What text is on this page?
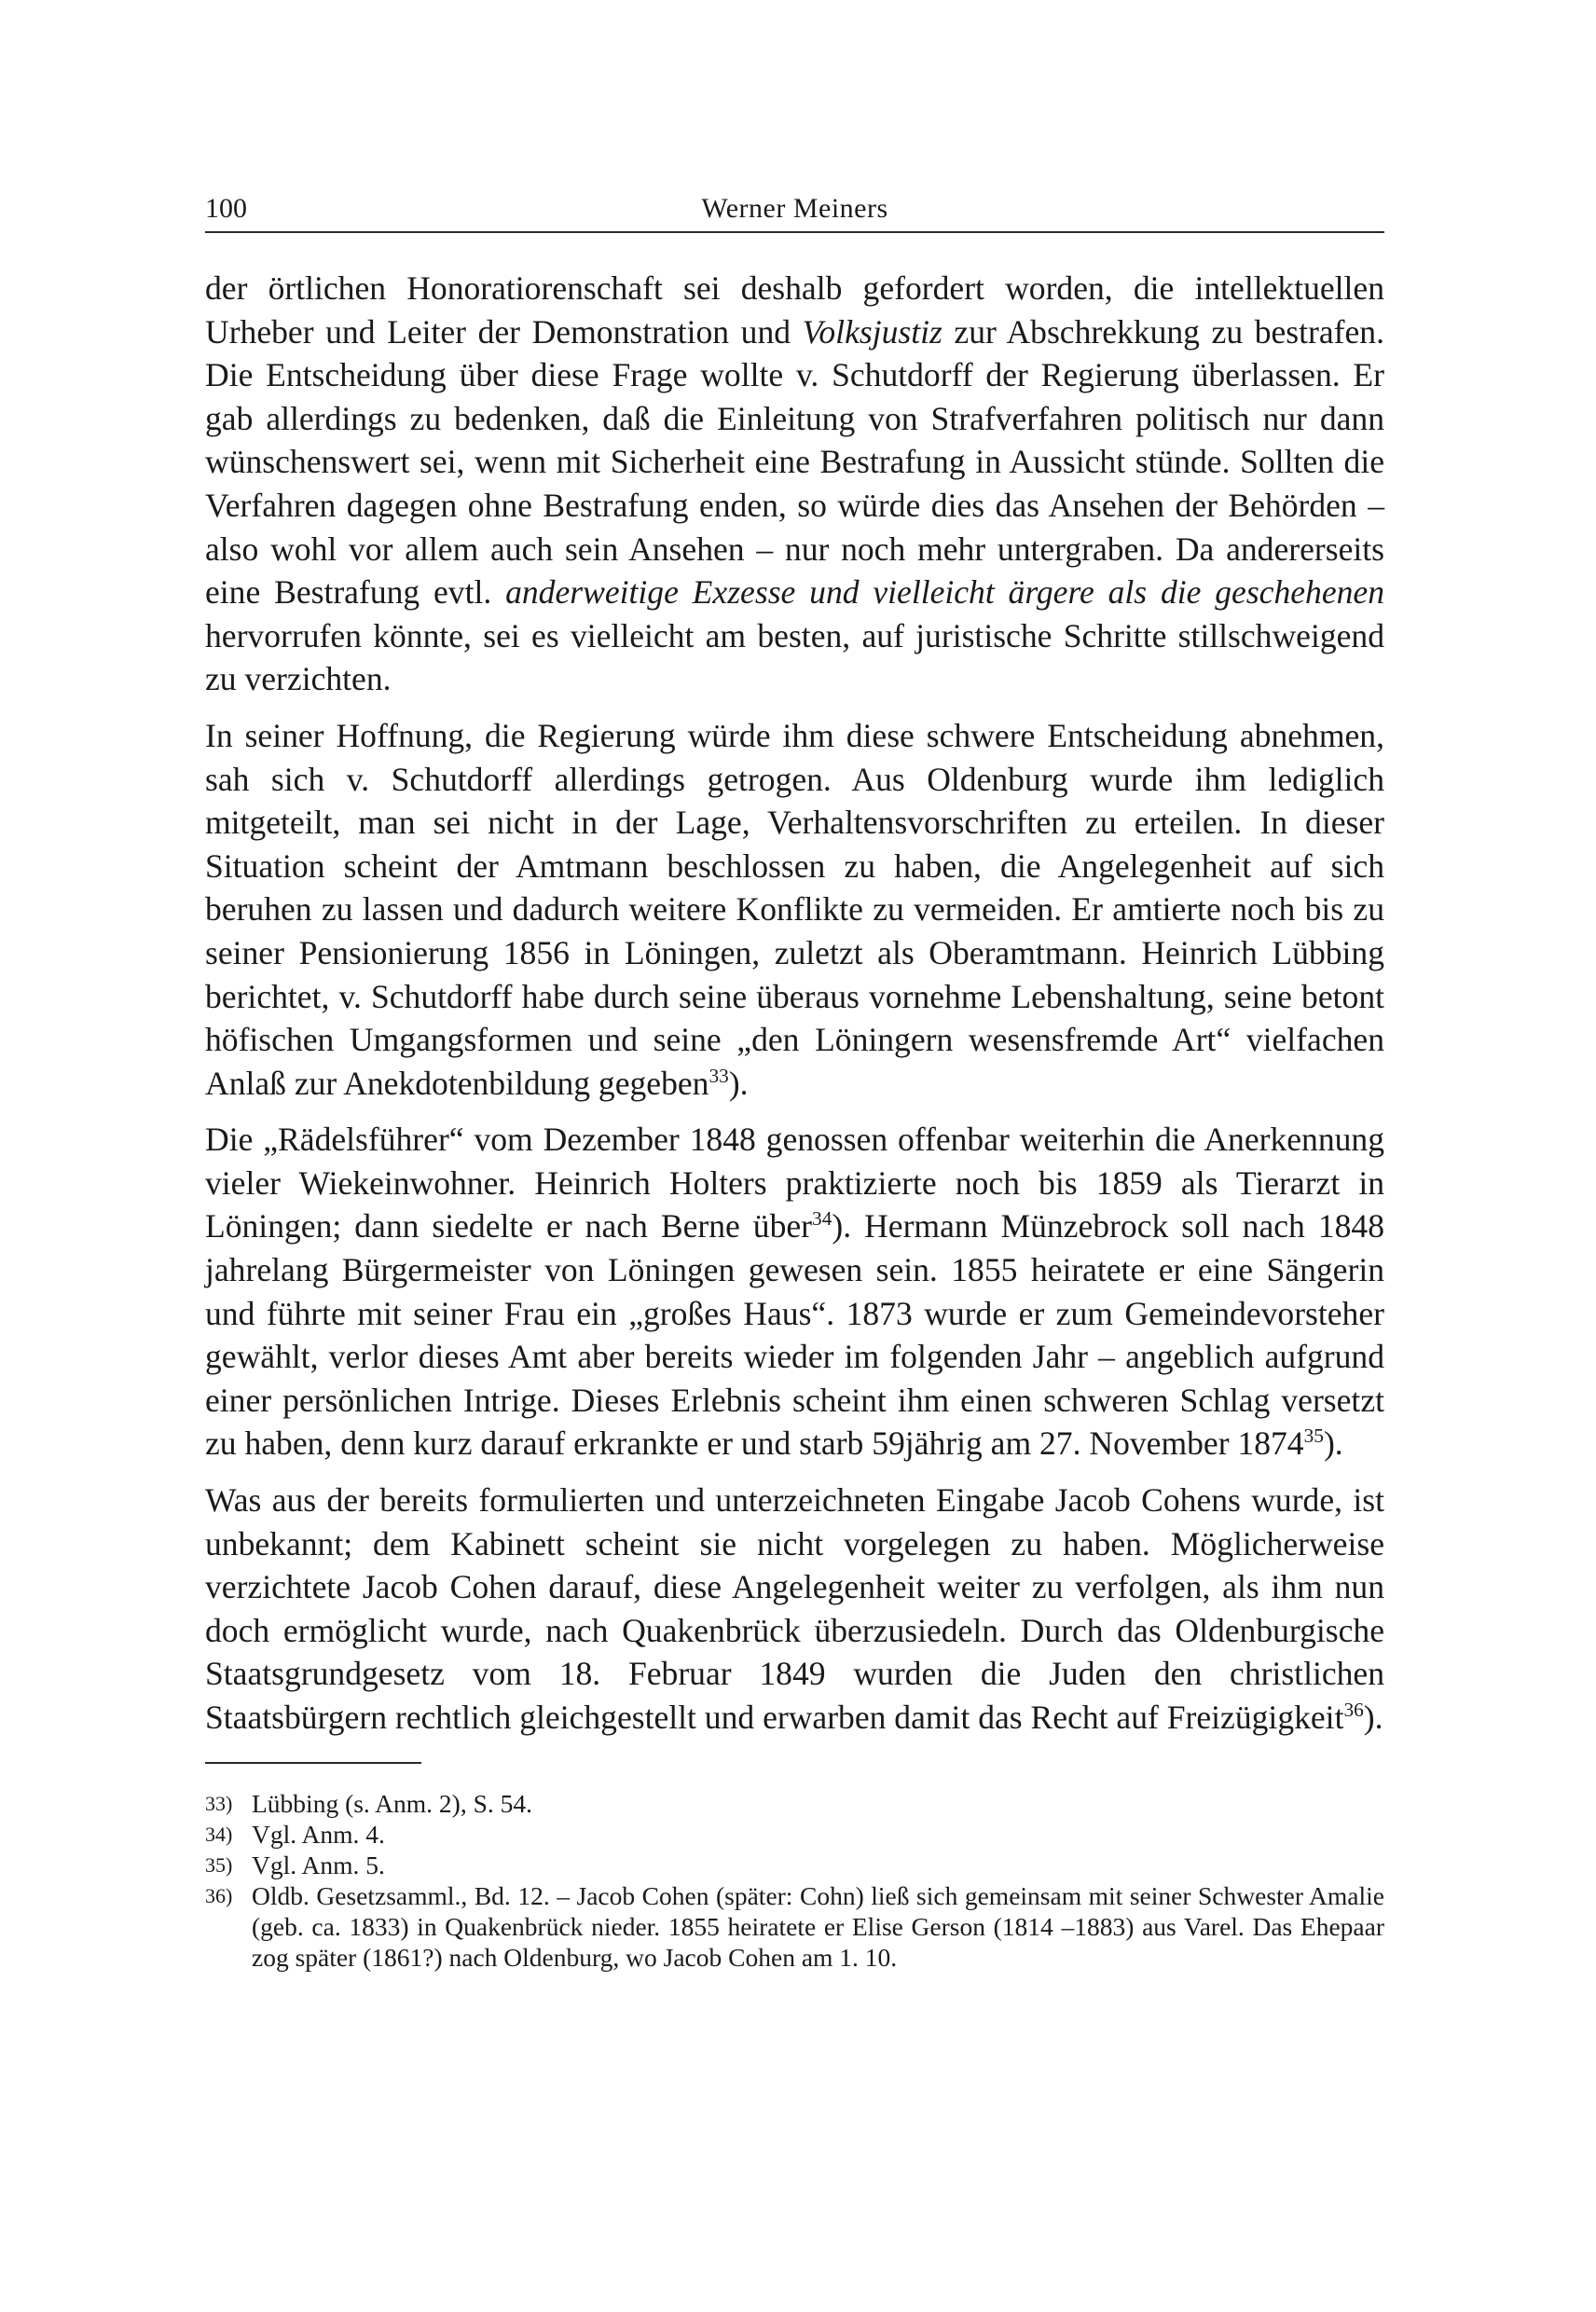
100	Werner Meiners

der örtlichen Honoratiorenschaft sei deshalb gefordert worden, die intellektuellen Urheber und Leiter der Demonstration und Volksjustiz zur Abschrekkung zu bestrafen. Die Entscheidung über diese Frage wollte v. Schutdorff der Regierung überlassen. Er gab allerdings zu bedenken, daß die Einleitung von Strafverfahren politisch nur dann wünschenswert sei, wenn mit Sicherheit eine Bestrafung in Aussicht stünde. Sollten die Verfahren dagegen ohne Bestrafung enden, so würde dies das Ansehen der Behörden – also wohl vor allem auch sein Ansehen – nur noch mehr untergraben. Da andererseits eine Bestrafung evtl. anderweitige Exzesse und vielleicht ärgere als die geschehenen hervorrufen könnte, sei es vielleicht am besten, auf juristische Schritte stillschweigend zu verzichten.

In seiner Hoffnung, die Regierung würde ihm diese schwere Entscheidung abnehmen, sah sich v. Schutdorff allerdings getrogen. Aus Oldenburg wurde ihm lediglich mitgeteilt, man sei nicht in der Lage, Verhaltensvorschriften zu erteilen. In dieser Situation scheint der Amtmann beschlossen zu haben, die Angelegenheit auf sich beruhen zu lassen und dadurch weitere Konflikte zu vermeiden. Er amtierte noch bis zu seiner Pensionierung 1856 in Löningen, zuletzt als Oberamtmann. Heinrich Lübbing berichtet, v. Schutdorff habe durch seine überaus vornehme Lebenshaltung, seine betont höfischen Umgangsformen und seine „den Löningern wesensfremde Art“ vielfachen Anlaß zur Anekdotenbildung gegeben$^{33}$).

Die „Rädelsführer“ vom Dezember 1848 genossen offenbar weiterhin die Anerkennung vieler Wiekeinwohner. Heinrich Holters praktizierte noch bis 1859 als Tierarzt in Löningen; dann siedelte er nach Berne über$^{34}$). Hermann Münzebrock soll nach 1848 jahrelang Bürgermeister von Löningen gewesen sein. 1855 heiratete er eine Sängerin und führte mit seiner Frau ein „großes Haus“. 1873 wurde er zum Gemeindevorsteher gewählt, verlor dieses Amt aber bereits wieder im folgenden Jahr – angeblich aufgrund einer persönlichen Intrige. Dieses Erlebnis scheint ihm einen schweren Schlag versetzt zu haben, denn kurz darauf erkrankte er und starb 59jährig am 27. November 1874$^{35}$).

Was aus der bereits formulierten und unterzeichneten Eingabe Jacob Cohens wurde, ist unbekannt; dem Kabinett scheint sie nicht vorgelegen zu haben. Möglicherweise verzichtete Jacob Cohen darauf, diese Angelegenheit weiter zu verfolgen, als ihm nun doch ermöglicht wurde, nach Quakenbrück überzusiedeln. Durch das Oldenburgische Staatsgrundgesetz vom 18. Februar 1849 wurden die Juden den christlichen Staatsbürgern rechtlich gleichgestellt und erwarben damit das Recht auf Freizügigkeit$^{36}$).

33) Lübbing (s. Anm. 2), S. 54.
34) Vgl. Anm. 4.
35) Vgl. Anm. 5.
36) Oldb. Gesetzsamml., Bd. 12. – Jacob Cohen (später: Cohn) ließ sich gemeinsam mit seiner Schwester Amalie (geb. ca. 1833) in Quakenbrück nieder. 1855 heiratete er Elise Gerson (1814 –1883) aus Varel. Das Ehepaar zog später (1861?) nach Oldenburg, wo Jacob Cohen am 1. 10.
